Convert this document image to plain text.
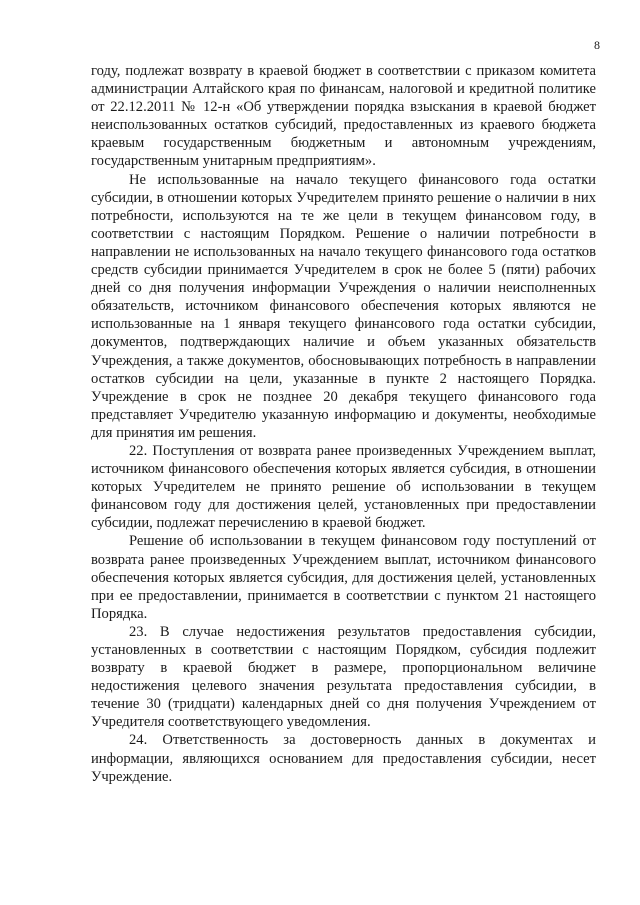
8

году, подлежат возврату в краевой бюджет в соответствии с приказом комитета администрации Алтайского края по финансам, налоговой и кредитной политике от 22.12.2011 № 12-н «Об утверждении порядка взыскания в краевой бюджет неиспользованных остатков субсидий, предоставленных из краевого бюджета краевым государственным бюджетным и автономным учреждениям, государственным унитарным предприятиям».

Не использованные на начало текущего финансового года остатки субсидии, в отношении которых Учредителем принято решение о наличии в них потребности, используются на те же цели в текущем финансовом году, в соответствии с настоящим Порядком. Решение о наличии потребности в направлении не использованных на начало текущего финансового года остатков средств субсидии принимается Учредителем в срок не более 5 (пяти) рабочих дней со дня получения информации Учреждения о наличии неисполненных обязательств, источником финансового обеспечения которых являются не использованные на 1 января текущего финансового года остатки субсидии, документов, подтверждающих наличие и объем указанных обязательств Учреждения, а также документов, обосновывающих потребность в направлении остатков субсидии на цели, указанные в пункте 2 настоящего Порядка. Учреждение в срок не позднее 20 декабря текущего финансового года представляет Учредителю указанную информацию и документы, необходимые для принятия им решения.

22. Поступления от возврата ранее произведенных Учреждением выплат, источником финансового обеспечения которых является субсидия, в отношении которых Учредителем не принято решение об использовании в текущем финансовом году для достижения целей, установленных при предоставлении субсидии, подлежат перечислению в краевой бюджет.

Решение об использовании в текущем финансовом году поступлений от возврата ранее произведенных Учреждением выплат, источником финансового обеспечения которых является субсидия, для достижения целей, установленных при ее предоставлении, принимается в соответствии с пунктом 21 настоящего Порядка.

23. В случае недостижения результатов предоставления субсидии, установленных в соответствии с настоящим Порядком, субсидия подлежит возврату в краевой бюджет в размере, пропорциональном величине недостижения целевого значения результата предоставления субсидии, в течение 30 (тридцати) календарных дней со дня получения Учреждением от Учредителя соответствующего уведомления.

24. Ответственность за достоверность данных в документах и информации, являющихся основанием для предоставления субсидии, несет Учреждение.
